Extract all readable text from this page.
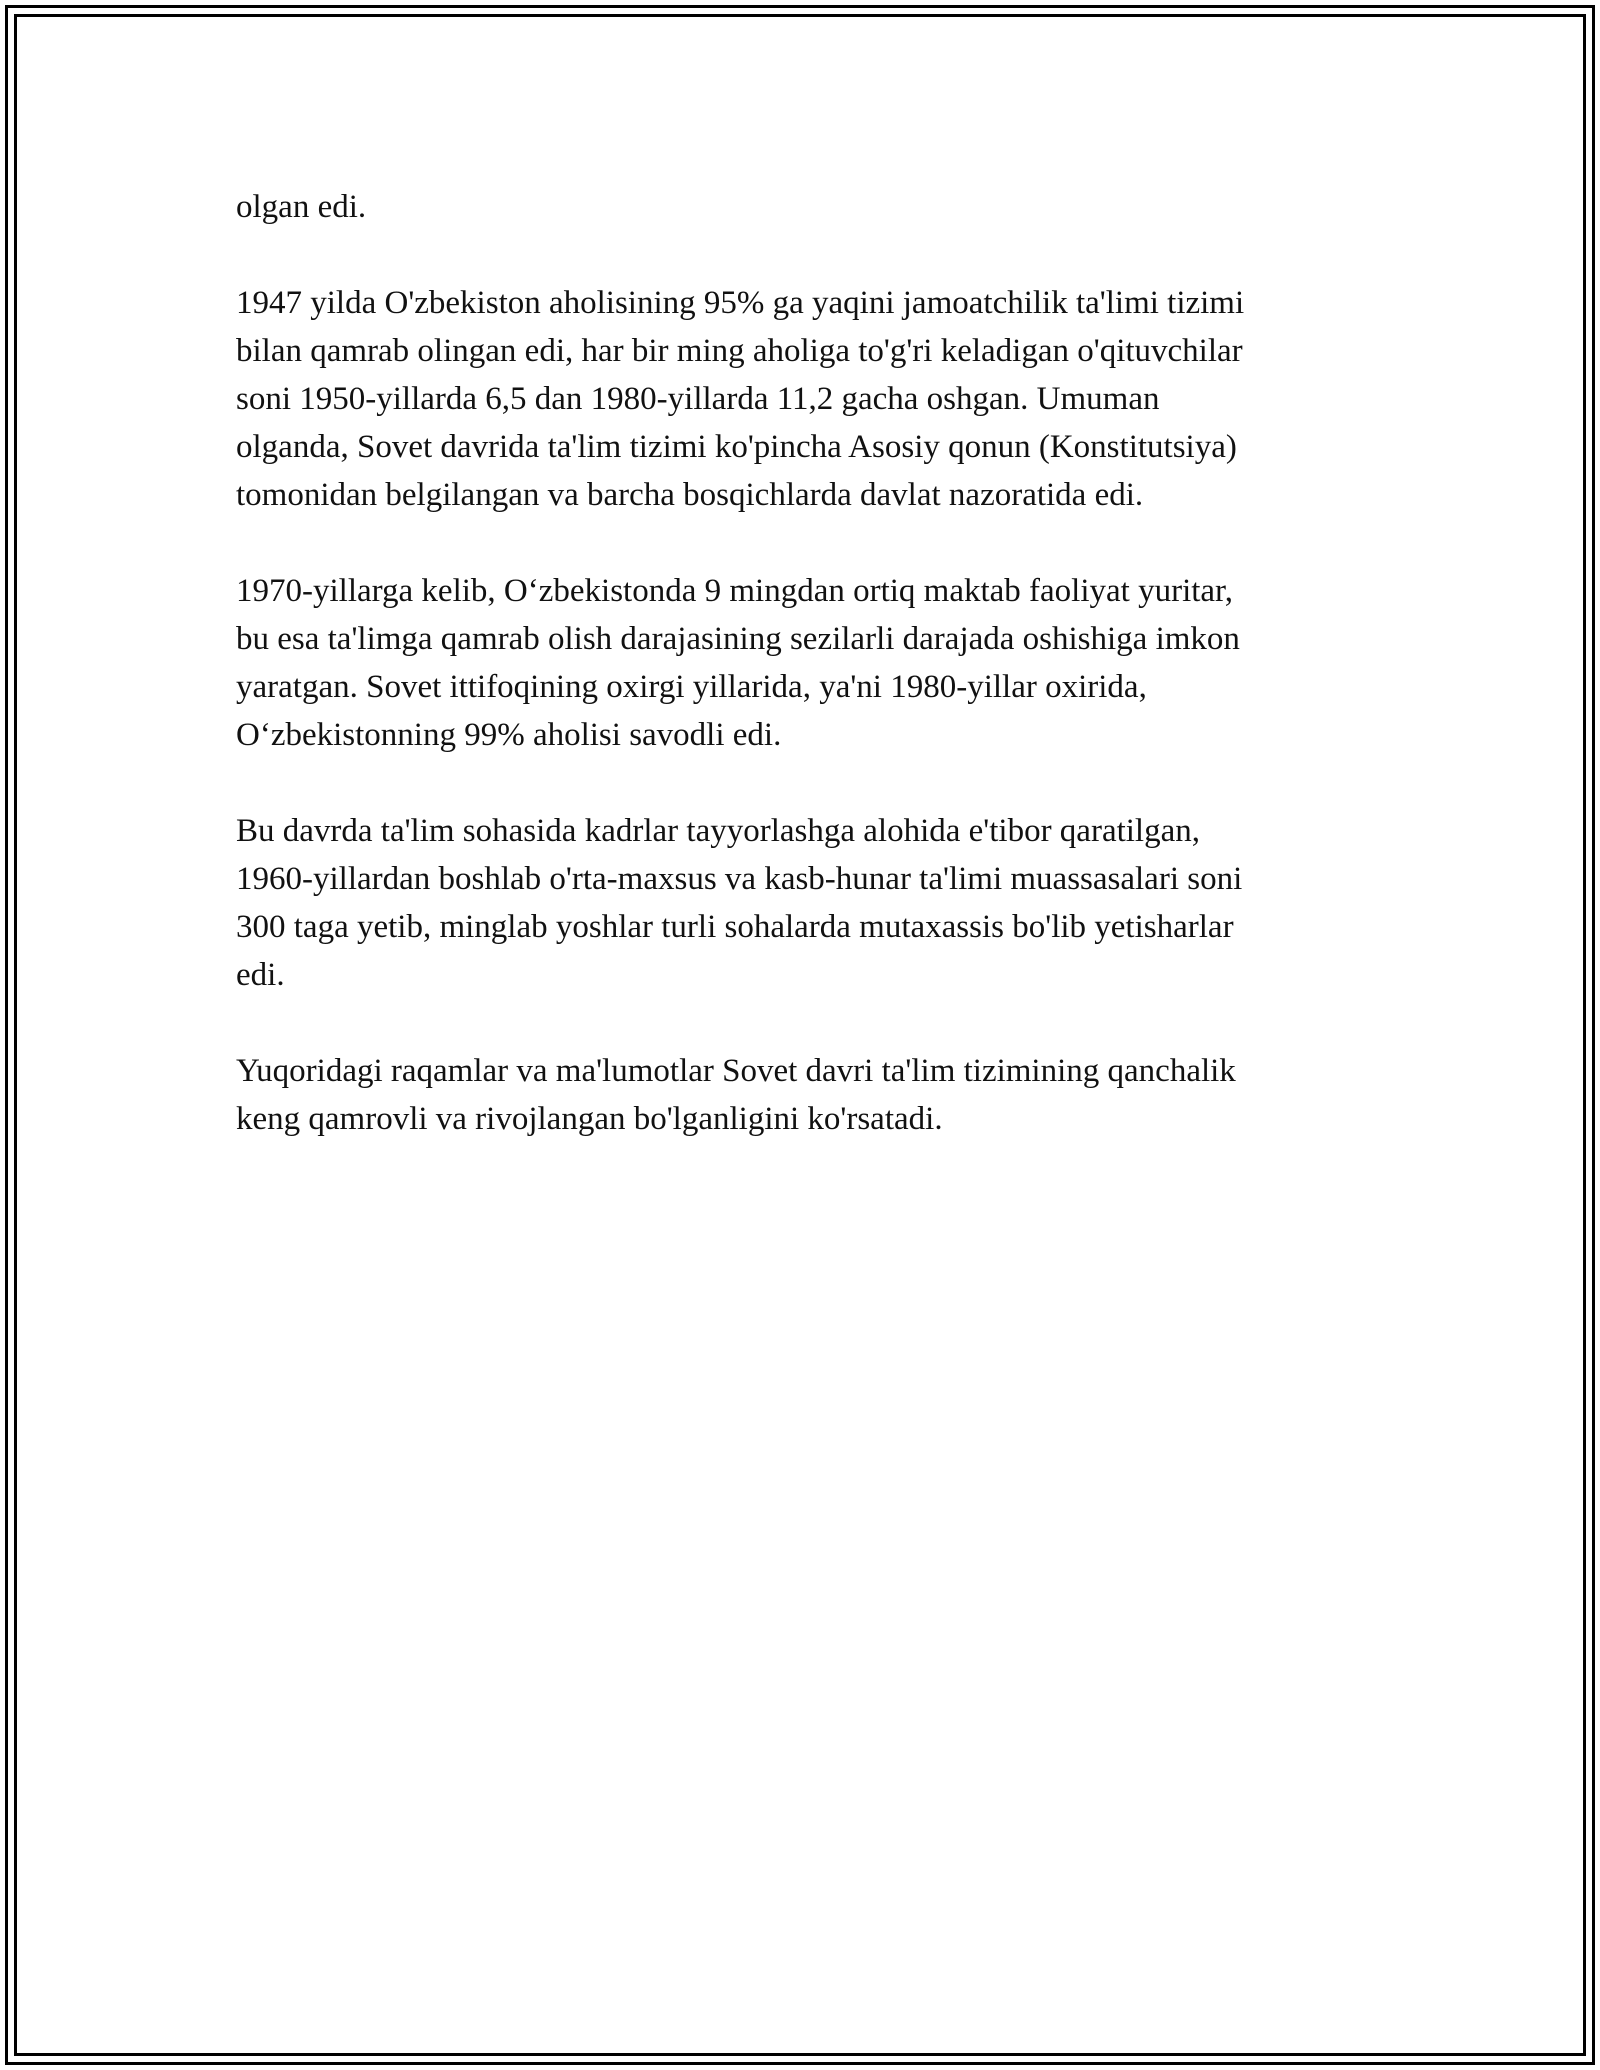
olgan edi.

1947 yilda O'zbekiston aholisining 95% ga yaqini jamoatchilik ta'limi tizimi
bilan qamrab olingan edi, har bir ming aholiga to'g'ri keladigan o'qituvchilar
soni 1950-yillarda 6,5 dan 1980-yillarda 11,2 gacha oshgan. Umuman
olganda, Sovet davrida ta'lim tizimi ko'pincha Asosiy qonun (Konstitutsiya)
tomonidan belgilangan va barcha bosqichlarda davlat nazoratida edi.

1970-yillarga kelib, O‘zbekistonda 9 mingdan ortiq maktab faoliyat yuritar,
bu esa ta'limga qamrab olish darajasining sezilarli darajada oshishiga imkon
yaratgan. Sovet ittifoqining oxirgi yillarida, ya'ni 1980-yillar oxirida,
O‘zbekistonning 99% aholisi savodli edi.

Bu davrda ta'lim sohasida kadrlar tayyorlashga alohida e'tibor qaratilgan,
1960-yillardan boshlab o'rta-maxsus va kasb-hunar ta'limi muassasalari soni
300 taga yetib, minglab yoshlar turli sohalarda mutaxassis bo'lib yetisharlar
edi.

Yuqoridagi raqamlar va ma'lumotlar Sovet davri ta'lim tizimining qanchalik
keng qamrovli va rivojlangan bo'lganligini ko'rsatadi.
